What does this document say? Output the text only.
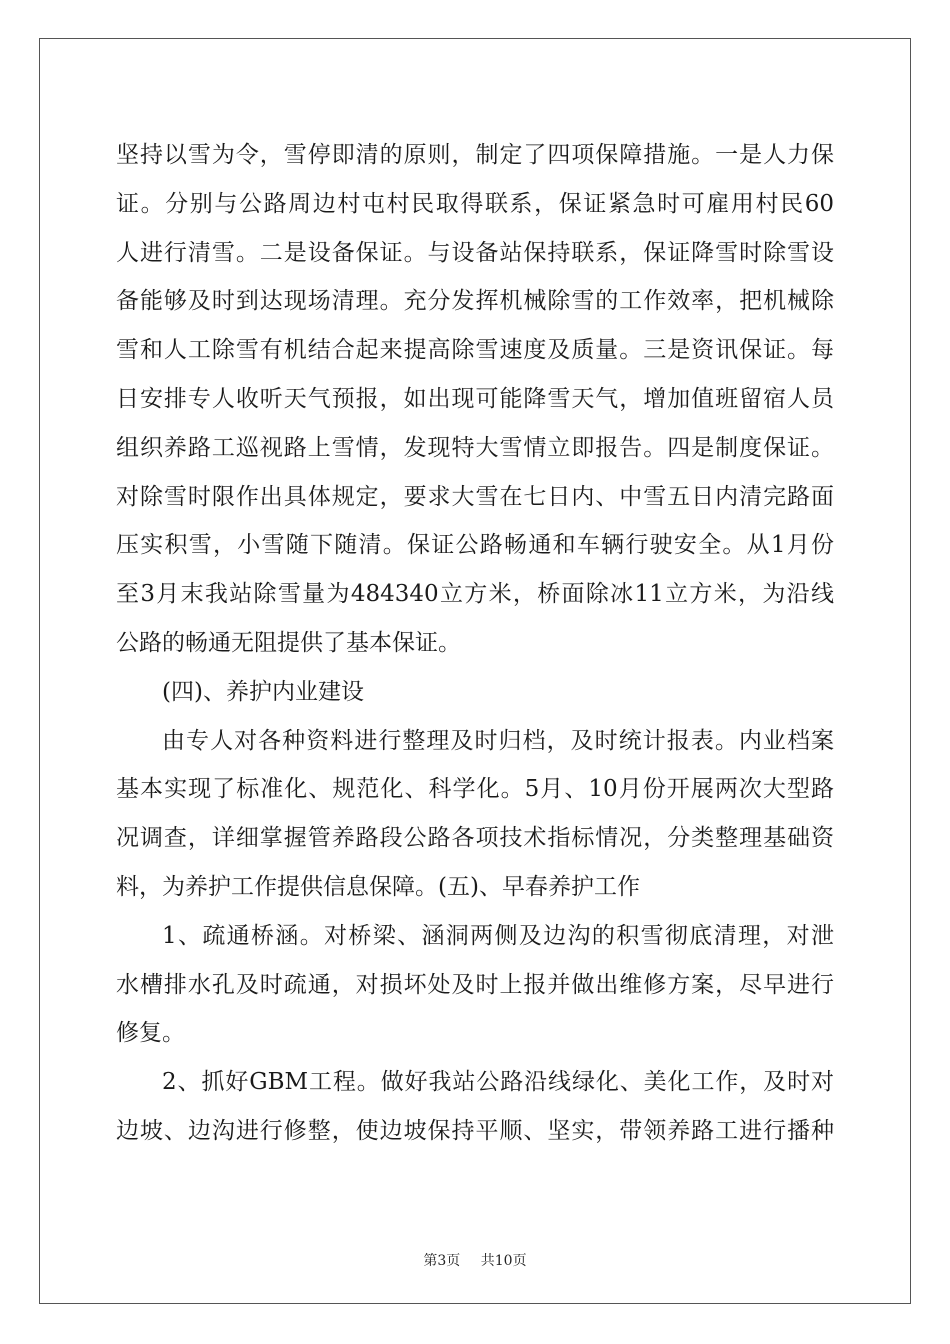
坚持以雪为令，雪停即清的原则，制定了四项保障措施。一是人力保
证。分别与公路周边村屯村民取得联系，保证紧急时可雇用村民60
人进行清雪。二是设备保证。与设备站保持联系，保证降雪时除雪设
备能够及时到达现场清理。充分发挥机械除雪的工作效率，把机械除
雪和人工除雪有机结合起来提高除雪速度及质量。三是资讯保证。每
日安排专人收听天气预报，如出现可能降雪天气，增加值班留宿人员
组织养路工巡视路上雪情，发现特大雪情立即报告。四是制度保证。
对除雪时限作出具体规定，要求大雪在七日内、中雪五日内清完路面
压实积雪，小雪随下随清。保证公路畅通和车辆行驶安全。从1月份
至3月末我站除雪量为484340立方米，桥面除冰11立方米，为沿线
公路的畅通无阻提供了基本保证。
(四)、养护内业建设
由专人对各种资料进行整理及时归档，及时统计报表。内业档案
基本实现了标准化、规范化、科学化。5月、10月份开展两次大型路
况调查，详细掌握管养路段公路各项技术指标情况，分类整理基础资
料，为养护工作提供信息保障。(五)、早春养护工作
1、疏通桥涵。对桥梁、涵洞两侧及边沟的积雪彻底清理，对泄
水槽排水孔及时疏通，对损坏处及时上报并做出维修方案，尽早进行
修复。
2、抓好GBM工程。做好我站公路沿线绿化、美化工作，及时对
边坡、边沟进行修整，使边坡保持平顺、坚实，带领养路工进行播种
第3页 共10页
